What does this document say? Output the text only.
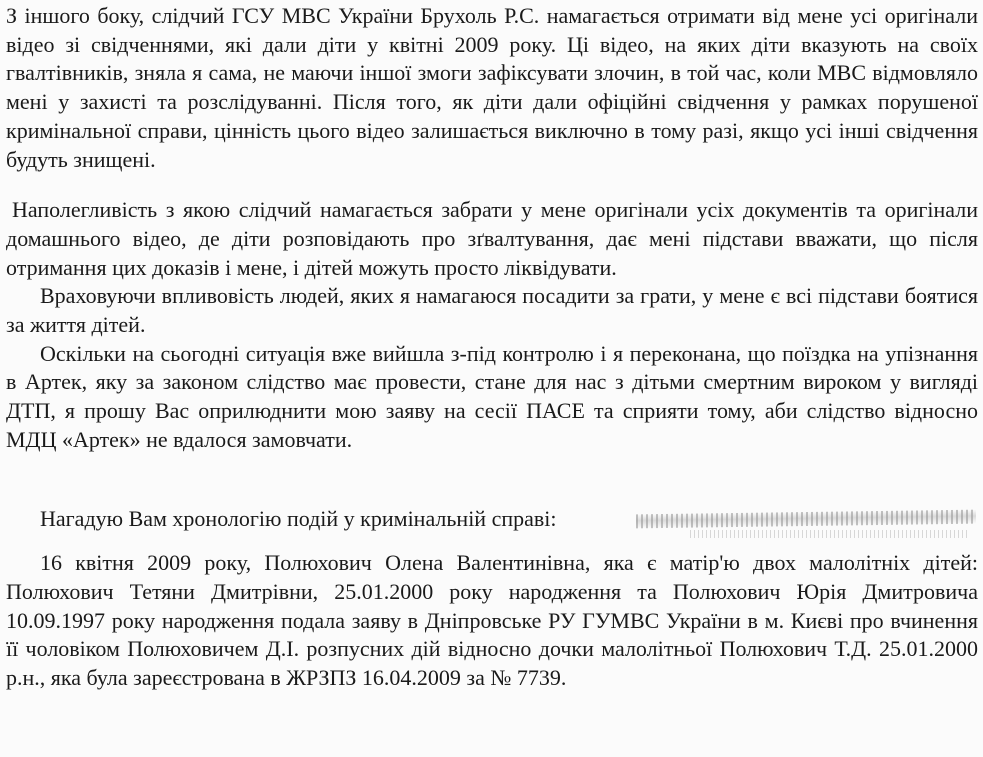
З іншого боку, слідчий ГСУ МВС України Брухоль Р.С. намагається отримати від мене усі оригінали відео зі свідченнями, які дали діти у квітні 2009 року. Ці відео, на яких діти вказують на своїх гвалтівників, зняла я сама, не маючи іншої змоги зафіксувати злочин, в той час, коли МВС відмовляло мені у захисті та розслідуванні. Після того, як діти дали офіційні свідчення у рамках порушеної кримінальної справи, цінність цього відео залишається виключно в тому разі, якщо усі інші свідчення будуть знищені.

Наполегливість з якою слідчий намагається забрати у мене оригінали усіх документів та оригінали домашнього відео, де діти розповідають про зґвалтування, дає мені підстави вважати, що після отримання цих доказів і мене, і дітей можуть просто ліквідувати.

Враховуючи впливовість людей, яких я намагаюся посадити за грати, у мене є всі підстави боятися за життя дітей.

Оскільки на сьогодні ситуація вже вийшла з-під контролю і я переконана, що поїздка на упізнання в Артек, яку за законом слідство має провести, стане для нас з дітьми смертним вироком у вигляді ДТП, я прошу Вас оприлюднити мою заяву на сесії ПАСЕ та сприяти тому, аби слідство відносно МДЦ «Артек» не вдалося замовчати.

Нагадую Вам хронологію подій у кримінальній справі:

16 квітня 2009 року, Полюхович Олена Валентинівна, яка є матір'ю двох малолітніх дітей: Полюхович Тетяни Дмитрівни, 25.01.2000 року народження та Полюхович Юрія Дмитровича 10.09.1997 року народження подала заяву в Дніпровське РУ ГУМВС України в м. Києві про вчинення її чоловіком Полюховичем Д.І. розпусних дій відносно дочки малолітньої Полюхович Т.Д. 25.01.2000 р.н., яка була зареєстрована в ЖРЗПЗ 16.04.2009 за № 7739.
